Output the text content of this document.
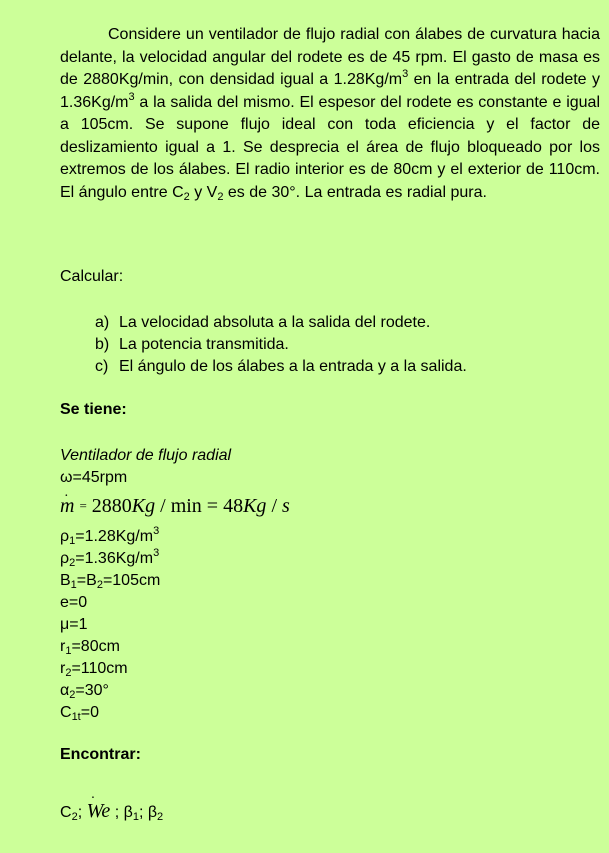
Considere un ventilador de flujo radial con álabes de curvatura hacia delante, la velocidad angular del rodete es de 45 rpm. El gasto de masa es de 2880Kg/min, con densidad igual a $1.28Kg/m^3$ en la entrada del rodete y $1.36Kg/m^3$ a la salida del mismo. El espesor del rodete es constante e igual a 105cm. Se supone flujo ideal con toda eficiencia y el factor de deslizamiento igual a 1. Se desprecia el área de flujo bloqueado por los extremos de los álabes. El radio interior es de 80cm y el exterior de 110cm. El ángulo entre $C_2$ y $V_2$ es de 30°. La entrada es radial pura.

Calcular:

a) La velocidad absoluta a la salida del rodete.
b) La potencia transmitida.
c) El ángulo de los álabes a la entrada y a la salida.

Se tiene:

Ventilador de flujo radial

ω=45rpm

· m = 2880Kg / min = 48Kg / s

$\rho_1=1.28Kg/m^3$

$\rho_2=1.36Kg/m^3$

$B_1=B_2=105cm$

e=0

μ=1

$r_1=80cm$

$r_2=110cm$

$\alpha_2=30^\circ$

$C_{1t}=0$

Encontrar:

$C_2$; · We ; $\beta_1$; $\beta_2$
